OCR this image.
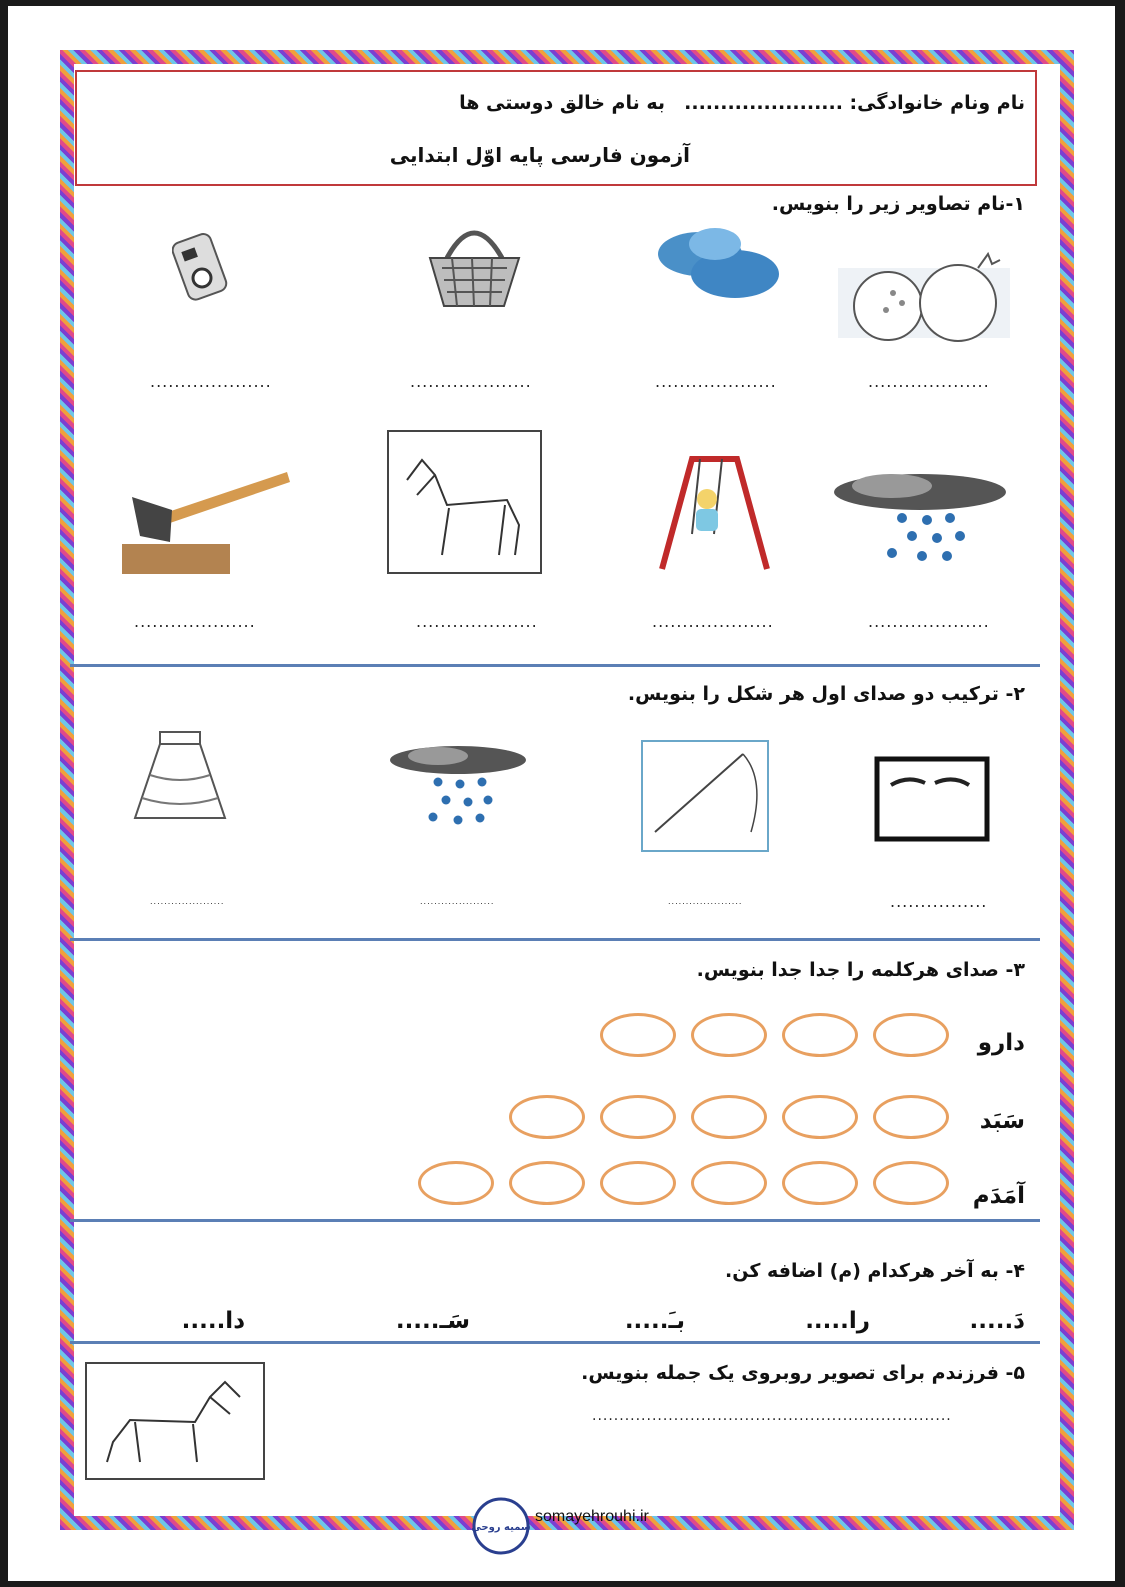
نام ونام خانوادگی: ......................
به نام خالق دوستی ها
آزمون فارسی پایه اوّل ابتدایی
۱-نام تصاویر زیر را بنویس.
....................
....................
....................
....................
....................
....................
....................
....................
۲- ترکیب دو صدای اول هر شکل را بنویس.
................
.....................
.....................
.....................
۳- صدای هرکلمه را جدا جدا بنویس.
دارو
سَبَد
آمَدَم
۴- به آخر هرکدام (م) اضافه کن.
دَ.....
را.....
بـَ.....
سَـ.....
دا.....
۵- فرزندم برای تصویر روبروی یک جمله بنویس.
..................................................................
سمیه روحی
somayehrouhi.ir
